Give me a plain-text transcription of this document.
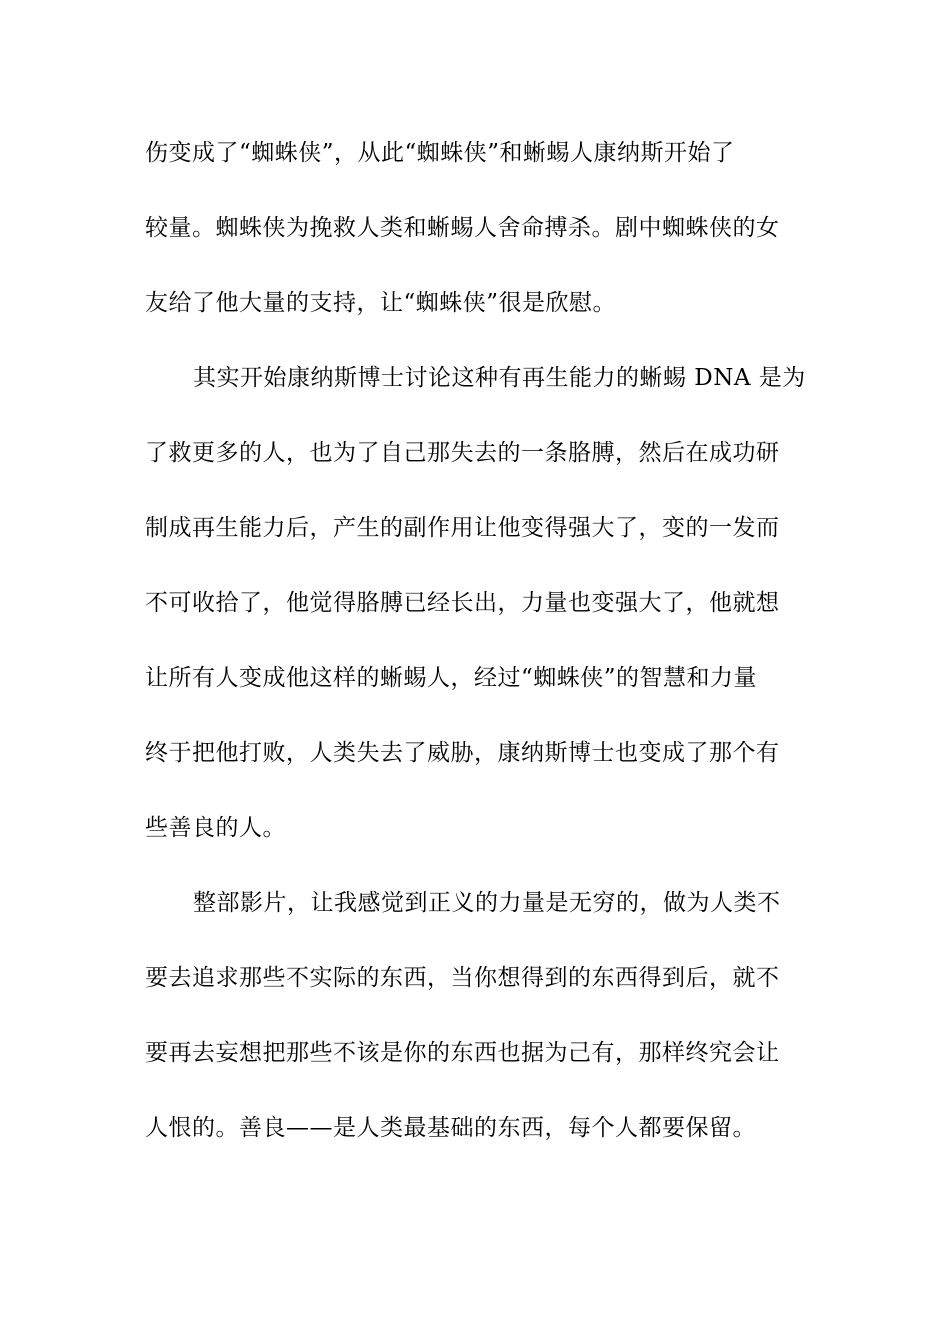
伤变成了“蜘蛛侠”，从此“蜘蛛侠”和蜥蜴人康纳斯开始了
较量。蜘蛛侠为挽救人类和蜥蜴人舍命搏杀。剧中蜘蛛侠的女
友给了他大量的支持，让“蜘蛛侠”很是欣慰。
其实开始康纳斯博士讨论这种有再生能力的蜥蜴 DNA 是为
了救更多的人，也为了自己那失去的一条胳膊，然后在成功研
制成再生能力后，产生的副作用让他变得强大了，变的一发而
不可收拾了，他觉得胳膊已经长出，力量也变强大了，他就想
让所有人变成他这样的蜥蜴人，经过“蜘蛛侠”的智慧和力量
终于把他打败，人类失去了威胁，康纳斯博士也变成了那个有
些善良的人。
整部影片，让我感觉到正义的力量是无穷的，做为人类不
要去追求那些不实际的东西，当你想得到的东西得到后，就不
要再去妄想把那些不该是你的东西也据为己有，那样终究会让
人恨的。善良——是人类最基础的东西，每个人都要保留。
